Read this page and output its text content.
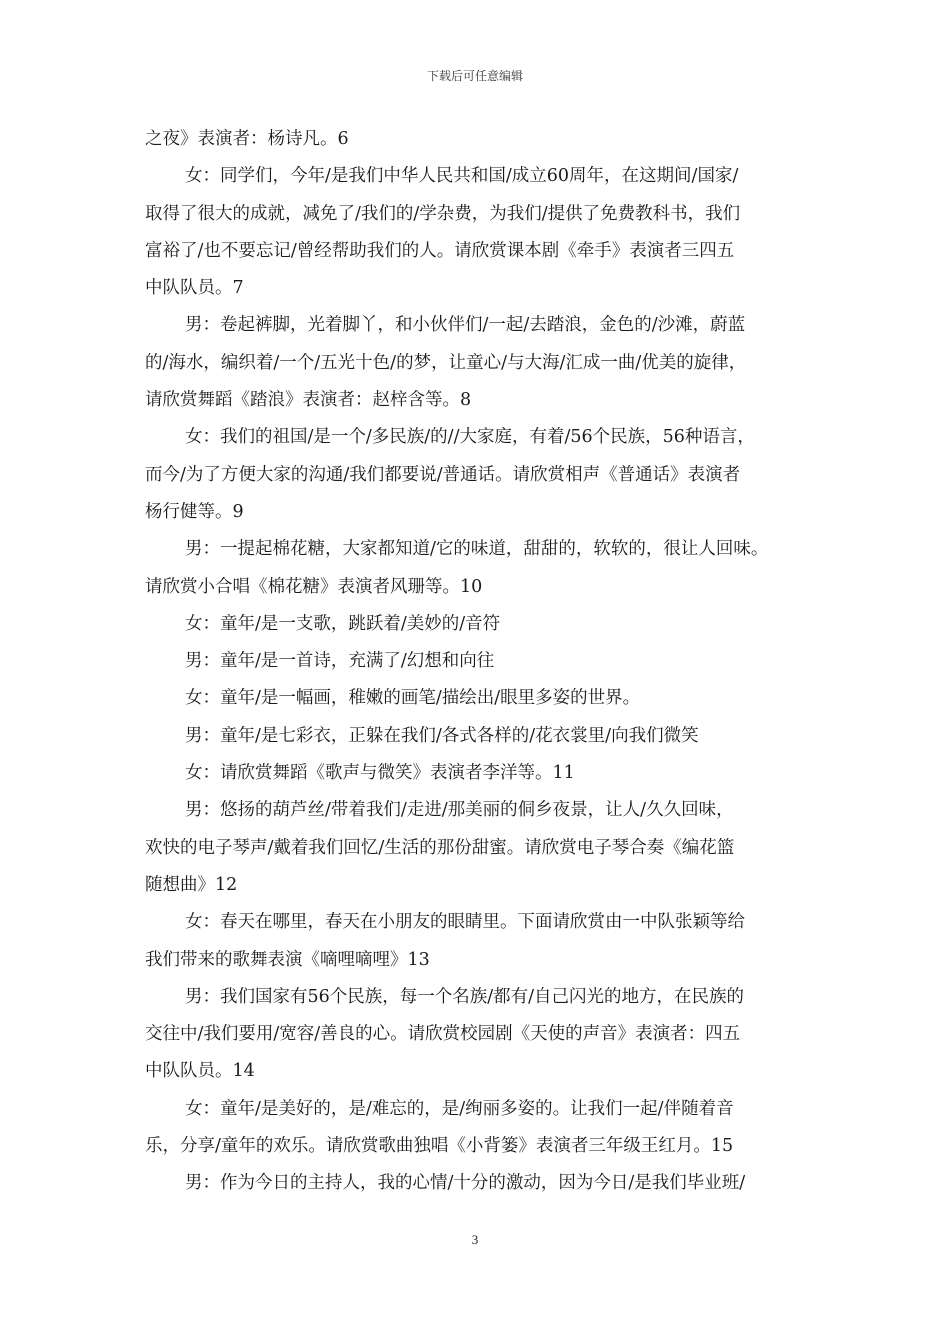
下载后可任意编辑

之夜》表演者：杨诗凡。6

女：同学们，今年/是我们中华人民共和国/成立60周年，在这期间/国家/

取得了很大的成就，减免了/我们的/学杂费，为我们/提供了免费教科书，我们

富裕了/也不要忘记/曾经帮助我们的人。请欣赏课本剧《牵手》表演者三四五

中队队员。7

男：卷起裤脚，光着脚丫，和小伙伴们/一起/去踏浪，金色的/沙滩，蔚蓝

的/海水，编织着/一个/五光十色/的梦，让童心/与大海/汇成一曲/优美的旋律，

请欣赏舞蹈《踏浪》表演者：赵梓含等。8

女：我们的祖国/是一个/多民族/的//大家庭，有着/56个民族，56种语言，

而今/为了方便大家的沟通/我们都要说/普通话。请欣赏相声《普通话》表演者

杨行健等。9

男：一提起棉花糖，大家都知道/它的味道，甜甜的，软软的，很让人回味。

请欣赏小合唱《棉花糖》表演者风珊等。10

女：童年/是一支歌，跳跃着/美妙的/音符

男：童年/是一首诗，充满了/幻想和向往

女：童年/是一幅画，稚嫩的画笔/描绘出/眼里多姿的世界。

男：童年/是七彩衣，正躲在我们/各式各样的/花衣裳里/向我们微笑

女：请欣赏舞蹈《歌声与微笑》表演者李洋等。11

男：悠扬的葫芦丝/带着我们/走进/那美丽的侗乡夜景，让人/久久回味，

欢快的电子琴声/戴着我们回忆/生活的那份甜蜜。请欣赏电子琴合奏《编花篮

随想曲》12

女：春天在哪里，春天在小朋友的眼睛里。下面请欣赏由一中队张颖等给

我们带来的歌舞表演《嘀哩嘀哩》13

男：我们国家有56个民族，每一个名族/都有/自己闪光的地方，在民族的

交往中/我们要用/宽容/善良的心。请欣赏校园剧《天使的声音》表演者：四五

中队队员。14

女：童年/是美好的，是/难忘的，是/绚丽多姿的。让我们一起/伴随着音

乐，分享/童年的欢乐。请欣赏歌曲独唱《小背篓》表演者三年级王红月。15

男：作为今日的主持人，我的心情/十分的激动，因为今日/是我们毕业班/

3
